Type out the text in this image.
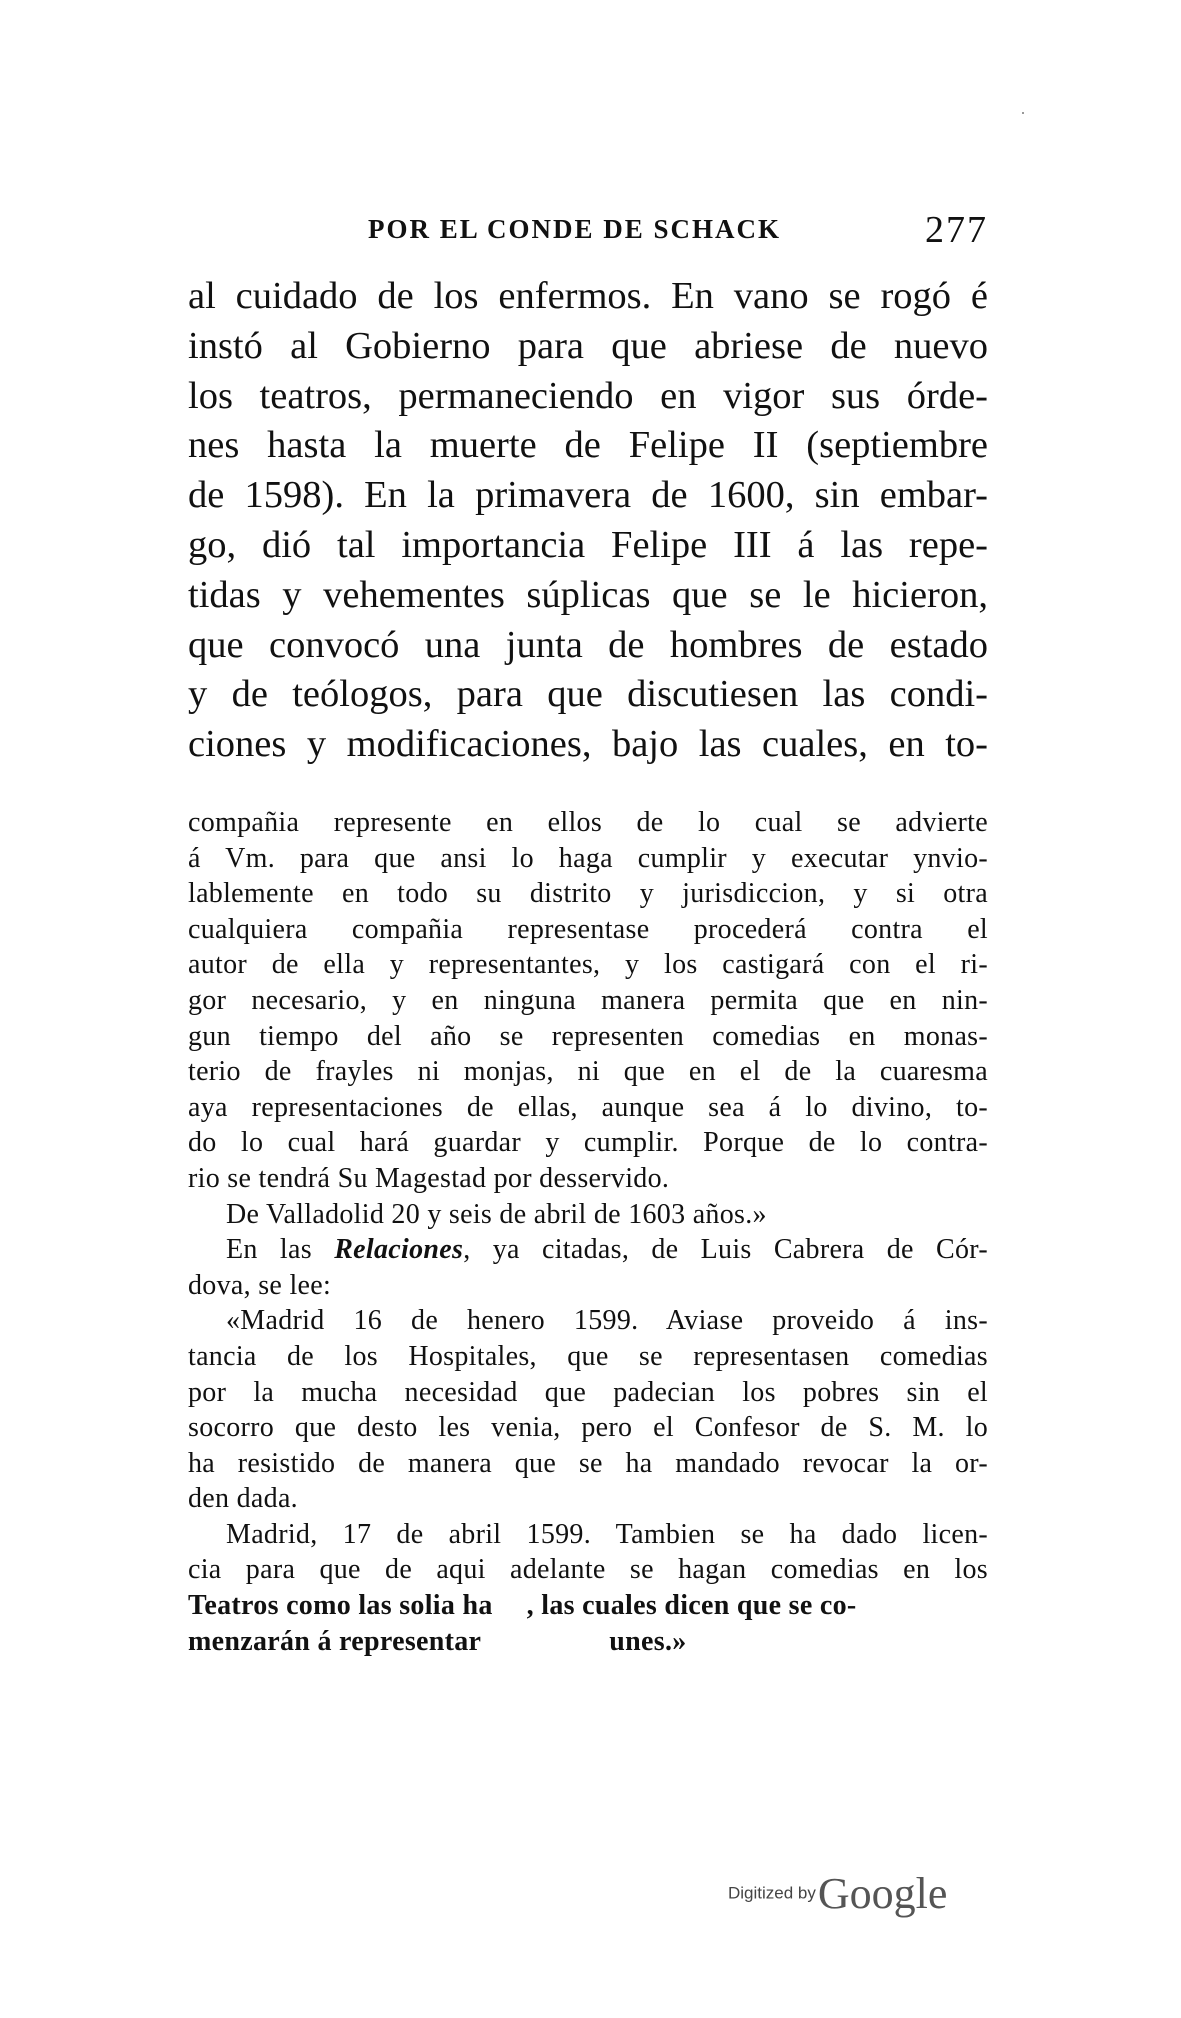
POR EL CONDE DE SCHACK	277
al cuidado de los enfermos. En vano se rogó é
instó al Gobierno para que abriese de nuevo
los teatros, permaneciendo en vigor sus órde-
nes hasta la muerte de Felipe II (septiembre
de 1598). En la primavera de 1600, sin embar-
go, dió tal importancia Felipe III á las repe-
tidas y vehementes súplicas que se le hicieron,
que convocó una junta de hombres de estado
y de teólogos, para que discutiesen las condi-
ciones y modificaciones, bajo las cuales, en to-
compañia represente en ellos de lo cual se advierte
á Vm. para que ansi lo haga cumplir y executar ynvio-
lablemente en todo su distrito y jurisdiccion, y si otra
cualquiera compañia representase procederá contra el
autor de ella y representantes, y los castigará con el ri-
gor necesario, y en ninguna manera permita que en nin-
gun tiempo del año se representen comedias en monas-
terio de frayles ni monjas, ni que en el de la cuaresma
aya representaciones de ellas, aunque sea á lo divino, to-
do lo cual hará guardar y cumplir. Porque de lo contra-
rio se tendrá Su Magestad por desservido.
De Valladolid 20 y seis de abril de 1603 años.»
En las Relaciones, ya citadas, de Luis Cabrera de Cór-
dova, se lee:
«Madrid 16 de henero 1599. Aviase proveido á ins-
tancia de los Hospitales, que se representasen comedias
por la mucha necesidad que padecian los pobres sin el
socorro que desto les venia, pero el Confesor de S. M. lo
ha resistido de manera que se ha mandado revocar la or-
den dada.
Madrid, 17 de abril 1599. Tambien se ha dado licen-
cia para que de aqui adelante se hagan comedias en los
Teatros como las solia ha , las cuales dicen que se co-
menzarán á representar	unes.»
Digitized byGoogle
